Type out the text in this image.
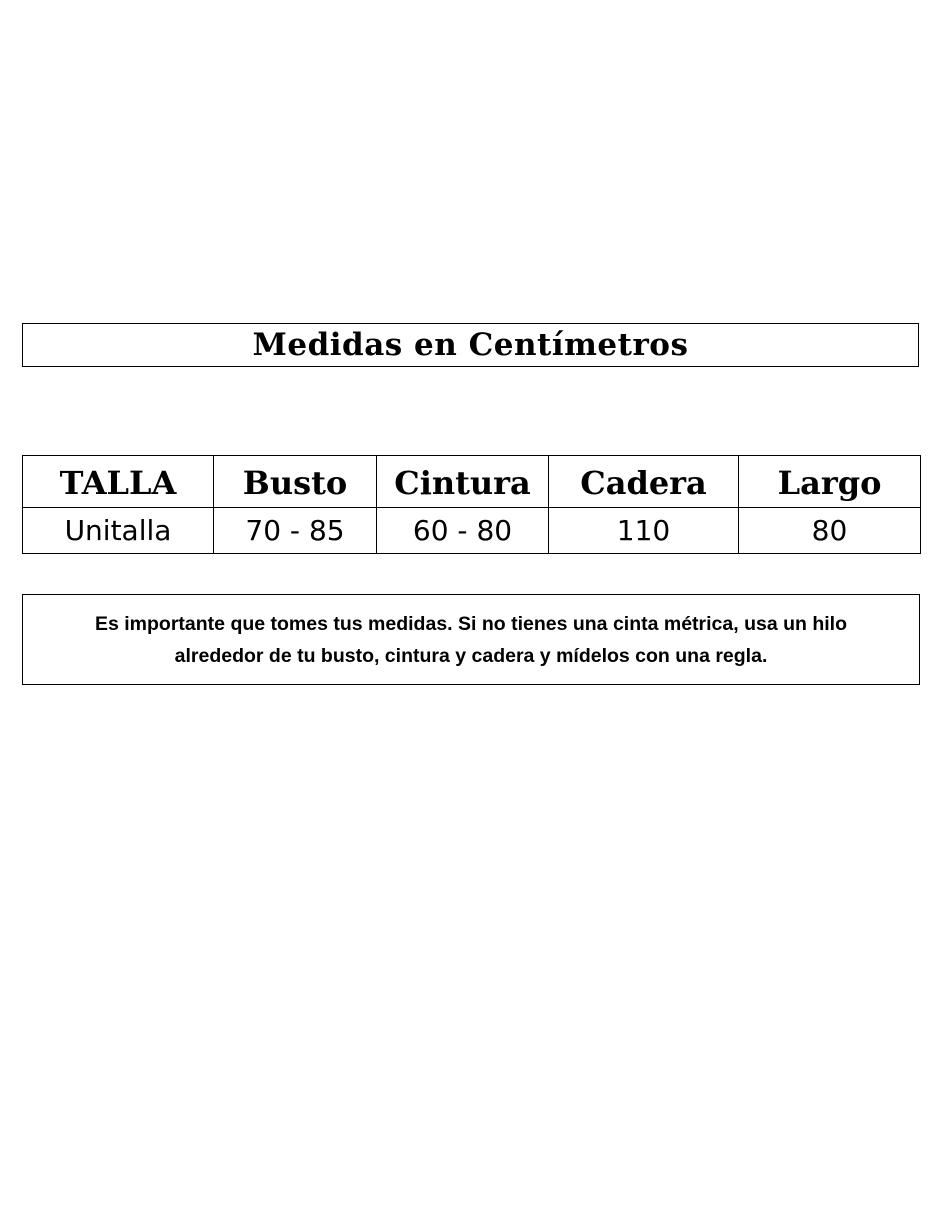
Medidas en Centímetros
TALLA	Busto	Cintura	Cadera	Largo
Unitalla	70 - 85	60 - 80	110	80
Es importante que tomes tus medidas. Si no tienes una cinta métrica, usa un hilo
alrededor de tu busto, cintura y cadera y mídelos con una regla.
